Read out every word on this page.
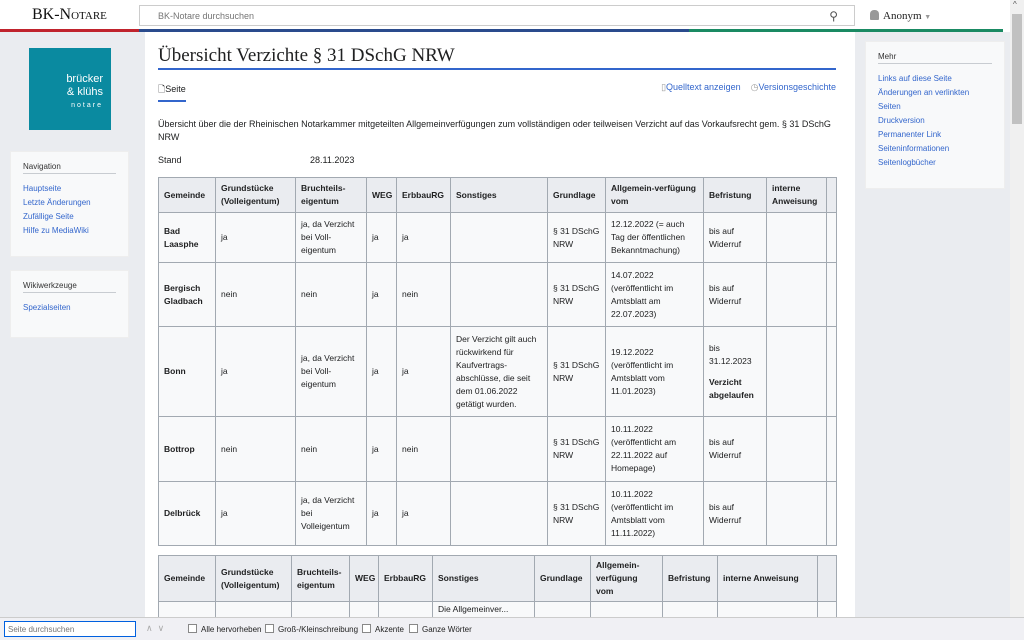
BK-Notare
BK-Notare durchsuchen	⚲	Anonym ▼
brücker
& klühs
notare
Navigation
Hauptseite
Letzte Änderungen
Zufällige Seite
Hilfe zu MediaWiki
Wikiwerkzeuge
Spezialseiten
Mehr
Links auf diese Seite
Änderungen an verlinkten Seiten
Druckversion
Permanenter Link
Seiteninformationen
Seitenlogbücher
^
Übersicht Verzichte § 31 DSchG NRW
🗋Seite	▯Quelltext anzeigen ◷Versionsgeschichte

Übersicht über die der Rheinischen Notarkammer mitgeteilten Allgemeinverfügungen zum vollständigen oder teilweisen Verzicht auf das Vorkaufsrecht gem. § 31 DSchG NRW

Stand	28.11.2023
Gemeinde	Grundstücke (Volleigentum)	Bruchteils-eigentum	WEG	ErbbauRG	Sonstiges	Grundlage	Allgemein-verfügung vom	Befristung	interne Anweisung	
Bad Laasphe	ja	ja, da Verzicht bei Voll-eigentum	ja	ja		§ 31 DSchG NRW	12.12.2022 (= auch Tag der öffentlichen Bekanntmachung)	bis auf Widerruf		
Bergisch Gladbach	nein	nein	ja	nein		§ 31 DSchG NRW	14.07.2022 (veröffentlicht im Amtsblatt am 22.07.2023)	bis auf Widerruf		
Bonn	ja	ja, da Verzicht bei Voll-eigentum	ja	ja	Der Verzicht gilt auch rückwirkend für Kaufvertrags-abschlüsse, die seit dem 01.06.2022 getätigt wurden.	§ 31 DSchG NRW	19.12.2022 (veröffentlicht im Amtsblatt vom 11.01.2023)	bis 31.12.2023
Verzicht abgelaufen		

Bottrop	nein	nein	ja	nein		§ 31 DSchG NRW	10.11.2022 (veröffentlicht am 22.11.2022 auf Homepage)	bis auf Widerruf		
Delbrück	ja	ja, da Verzicht bei Volleigentum	ja	ja		§ 31 DSchG NRW	10.11.2022 (veröffentlicht im Amtsblatt vom 11.11.2022)	bis auf Widerruf		
Gemeinde	Grundstücke (Volleigentum)	Bruchteils-eigentum	WEG	ErbbauRG	Sonstiges	Grundlage	Allgemein-verfügung vom	Befristung	interne Anweisung	
					Die Allgemeinver...					
Seite durchsuchen
∧  ∨	Alle hervorheben	Groß-/Kleinschreibung	Akzente	Ganze Wörter
